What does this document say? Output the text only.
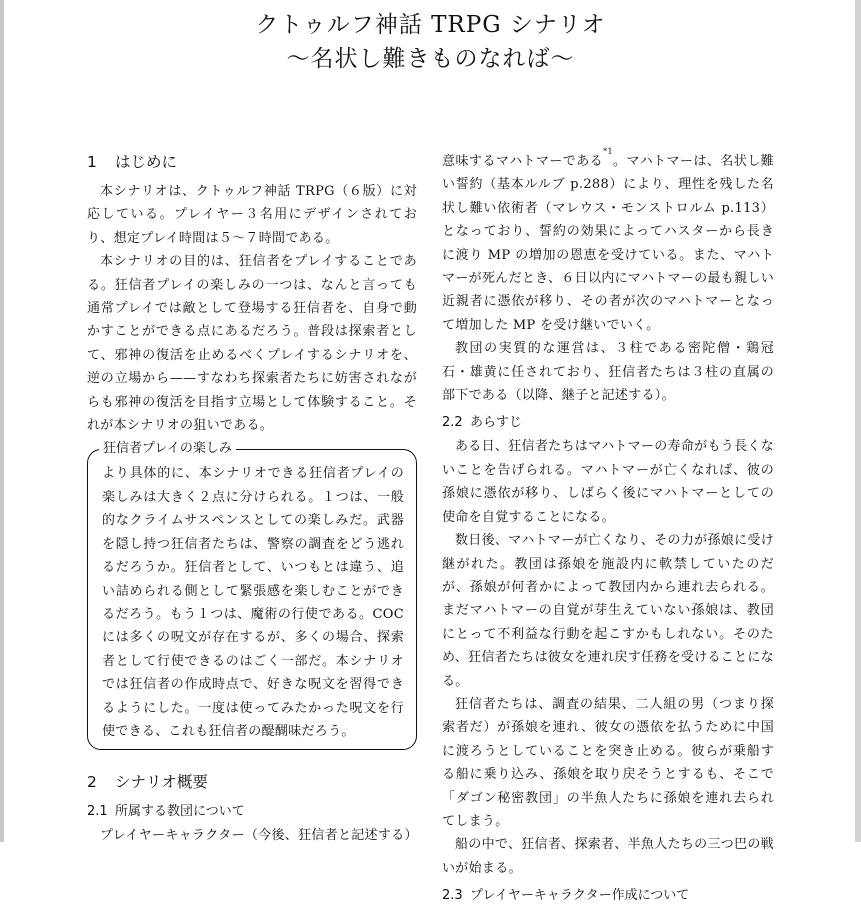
クトゥルフ神話 TRPG シナリオ
〜名状し難きものなれば〜
1 はじめに

本シナリオは、クトゥルフ神話 TRPG（６版）に対応している。プレイヤー３名用にデザインされており、想定プレイ時間は５〜７時間である。

本シナリオの目的は、狂信者をプレイすることである。狂信者プレイの楽しみの一つは、なんと言っても通常プレイでは敵として登場する狂信者を、自身で動かすことができる点にあるだろう。普段は探索者として、邪神の復活を止めるべくプレイするシナリオを、逆の立場から——すなわち探索者たちに妨害されながらも邪神の復活を目指す立場として体験すること。それが本シナリオの狙いである。

狂信者プレイの楽しみ

より具体的に、本シナリオできる狂信者プレイの楽しみは大きく２点に分けられる。１つは、一般的なクライムサスペンスとしての楽しみだ。武器を隠し持つ狂信者たちは、警察の調査をどう逃れるだろうか。狂信者として、いつもとは違う、追い詰められる側として緊張感を楽しむことができるだろう。もう１つは、魔術の行使である。COC には多くの呪文が存在するが、多くの場合、探索者として行使できるのはごく一部だ。本シナリオでは狂信者の作成時点で、好きな呪文を習得できるようにした。一度は使ってみたかった呪文を行使できる、これも狂信者の醍醐味だろう。

2 シナリオ概要
2.1 所属する教団について

プレイヤーキャラクター（今後、狂信者と記述する）

意味するマハトマーである$^{*1}$。マハトマーは、名状し難い誓約（基本ルルブ p.288）により、理性を残した名状し難い依術者（マレウス・モンストロルム p.113）となっており、誓約の効果によってハスターから長きに渡り MP の増加の恩恵を受けている。また、マハトマーが死んだとき、６日以内にマハトマーの最も親しい近親者に憑依が移り、その者が次のマハトマーとなって増加した MP を受け継いでいく。

教団の実質的な運営は、３柱である密陀僧・鶏冠石・雄黄に任されており、狂信者たちは３柱の直属の部下である（以降、継子と記述する）。

2.2 あらすじ

ある日、狂信者たちはマハトマーの寿命がもう長くないことを告げられる。マハトマーが亡くなれば、彼の孫娘に憑依が移り、しばらく後にマハトマーとしての使命を自覚することになる。

数日後、マハトマーが亡くなり、その力が孫娘に受け継がれた。教団は孫娘を施設内に軟禁していたのだが、孫娘が何者かによって教団内から連れ去られる。まだマハトマーの自覚が芽生えていない孫娘は、教団にとって不利益な行動を起こすかもしれない。そのため、狂信者たちは彼女を連れ戻す任務を受けることになる。

狂信者たちは、調査の結果、二人組の男（つまり探索者だ）が孫娘を連れ、彼女の憑依を払うために中国に渡ろうとしていることを突き止める。彼らが乗船する船に乗り込み、孫娘を取り戻そうとするも、そこで「ダゴン秘密教団」の半魚人たちに孫娘を連れ去られてしまう。

船の中で、狂信者、探索者、半魚人たちの三つ巴の戦いが始まる。

2.3 プレイヤーキャラクター作成について
